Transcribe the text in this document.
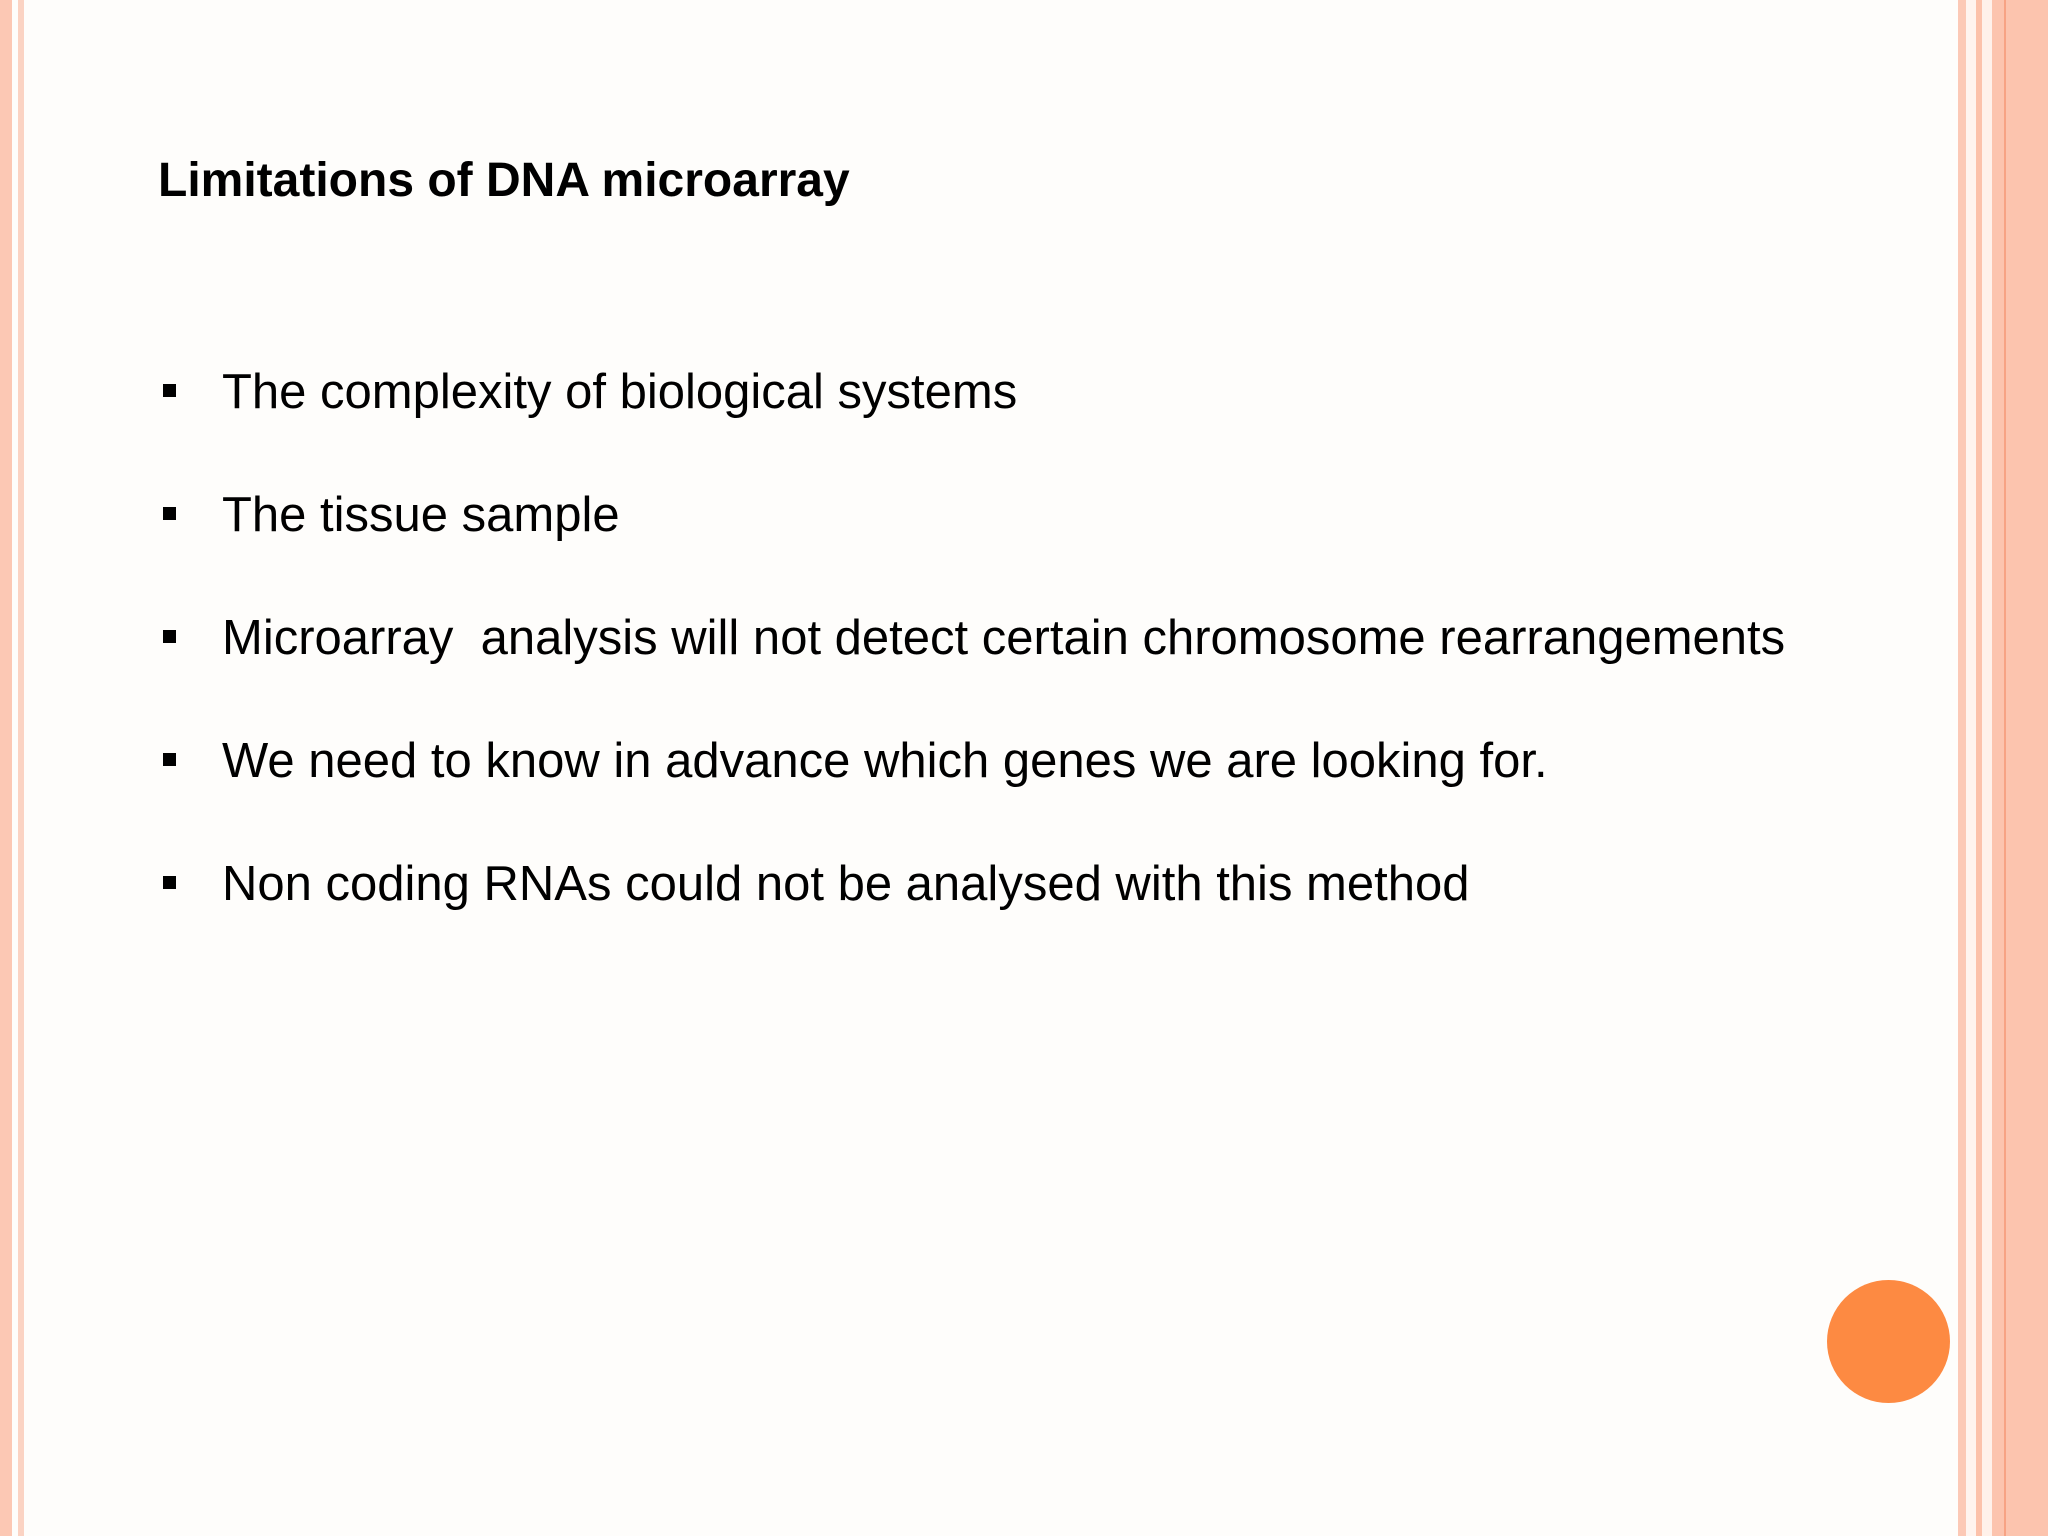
Limitations of DNA microarray
The complexity of biological systems
The tissue sample
Microarray  analysis will not detect certain chromosome rearrangements
We need to know in advance which genes we are looking for.
Non coding RNAs could not be analysed with this method
